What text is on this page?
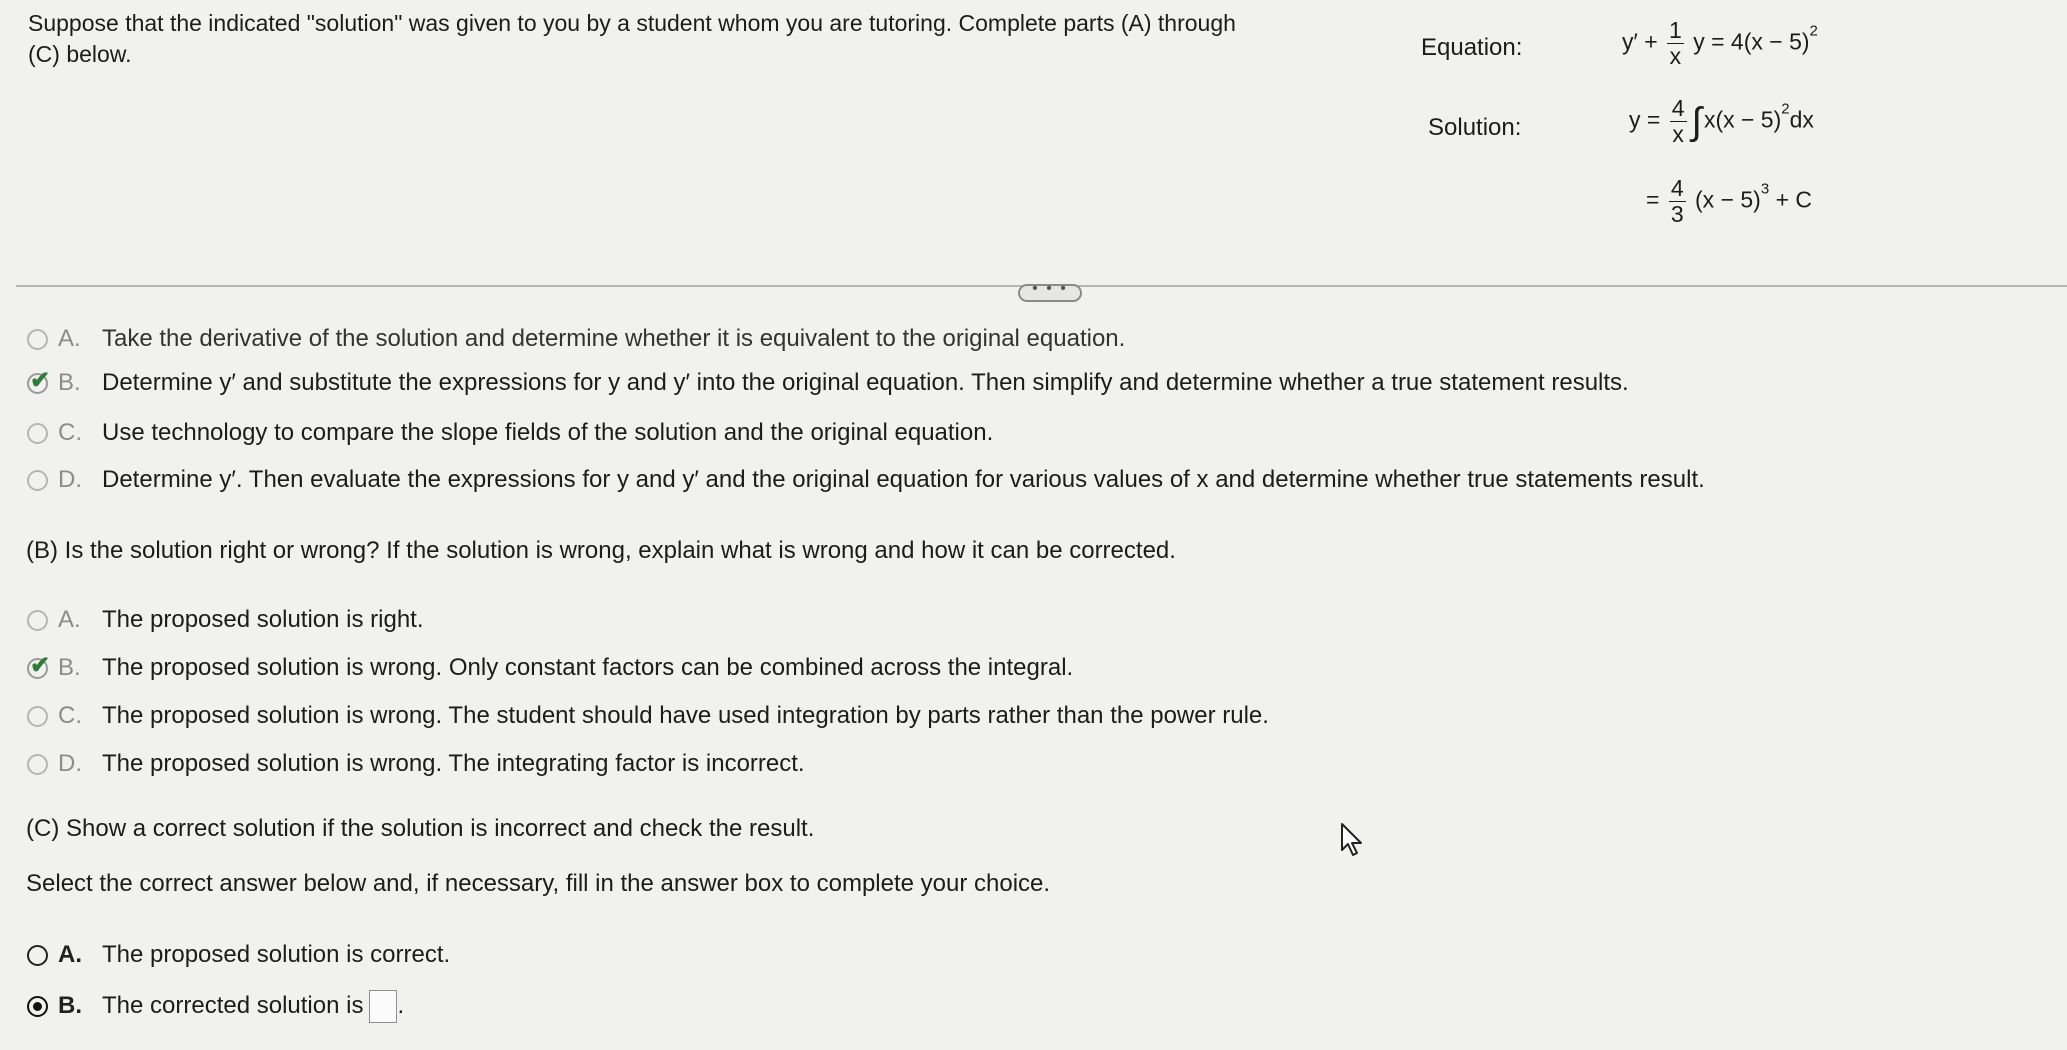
Suppose that the indicated "solution" was given to you by a student whom you are tutoring. Complete parts (A) through (C) below.	Equation:	$y' + \frac{1}{x}$ $y = 4(x - 5)^2$
Solution:	$y = \frac{4}{x} \int x(x - 5)^2dx$
= $\frac{4}{3} (x - 5)^3 + C$
• • •
A. Take the derivative of the solution and determine whether it is equivalent to the original equation.
✔ B. Determine y′ and substitute the expressions for y and y′ into the original equation. Then simplify and determine whether a true statement results.
C. Use technology to compare the slope fields of the solution and the original equation.
D. Determine y′. Then evaluate the expressions for y and y′ and the original equation for various values of x and determine whether true statements result.
(B) Is the solution right or wrong? If the solution is wrong, explain what is wrong and how it can be corrected.
A. The proposed solution is right.
✔ B. The proposed solution is wrong. Only constant factors can be combined across the integral.
C. The proposed solution is wrong. The student should have used integration by parts rather than the power rule.
D. The proposed solution is wrong. The integrating factor is incorrect.
(C) Show a correct solution if the solution is incorrect and check the result.
Select the correct answer below and, if necessary, fill in the answer box to complete your choice.
A. The proposed solution is correct.
B. The corrected solution is .
